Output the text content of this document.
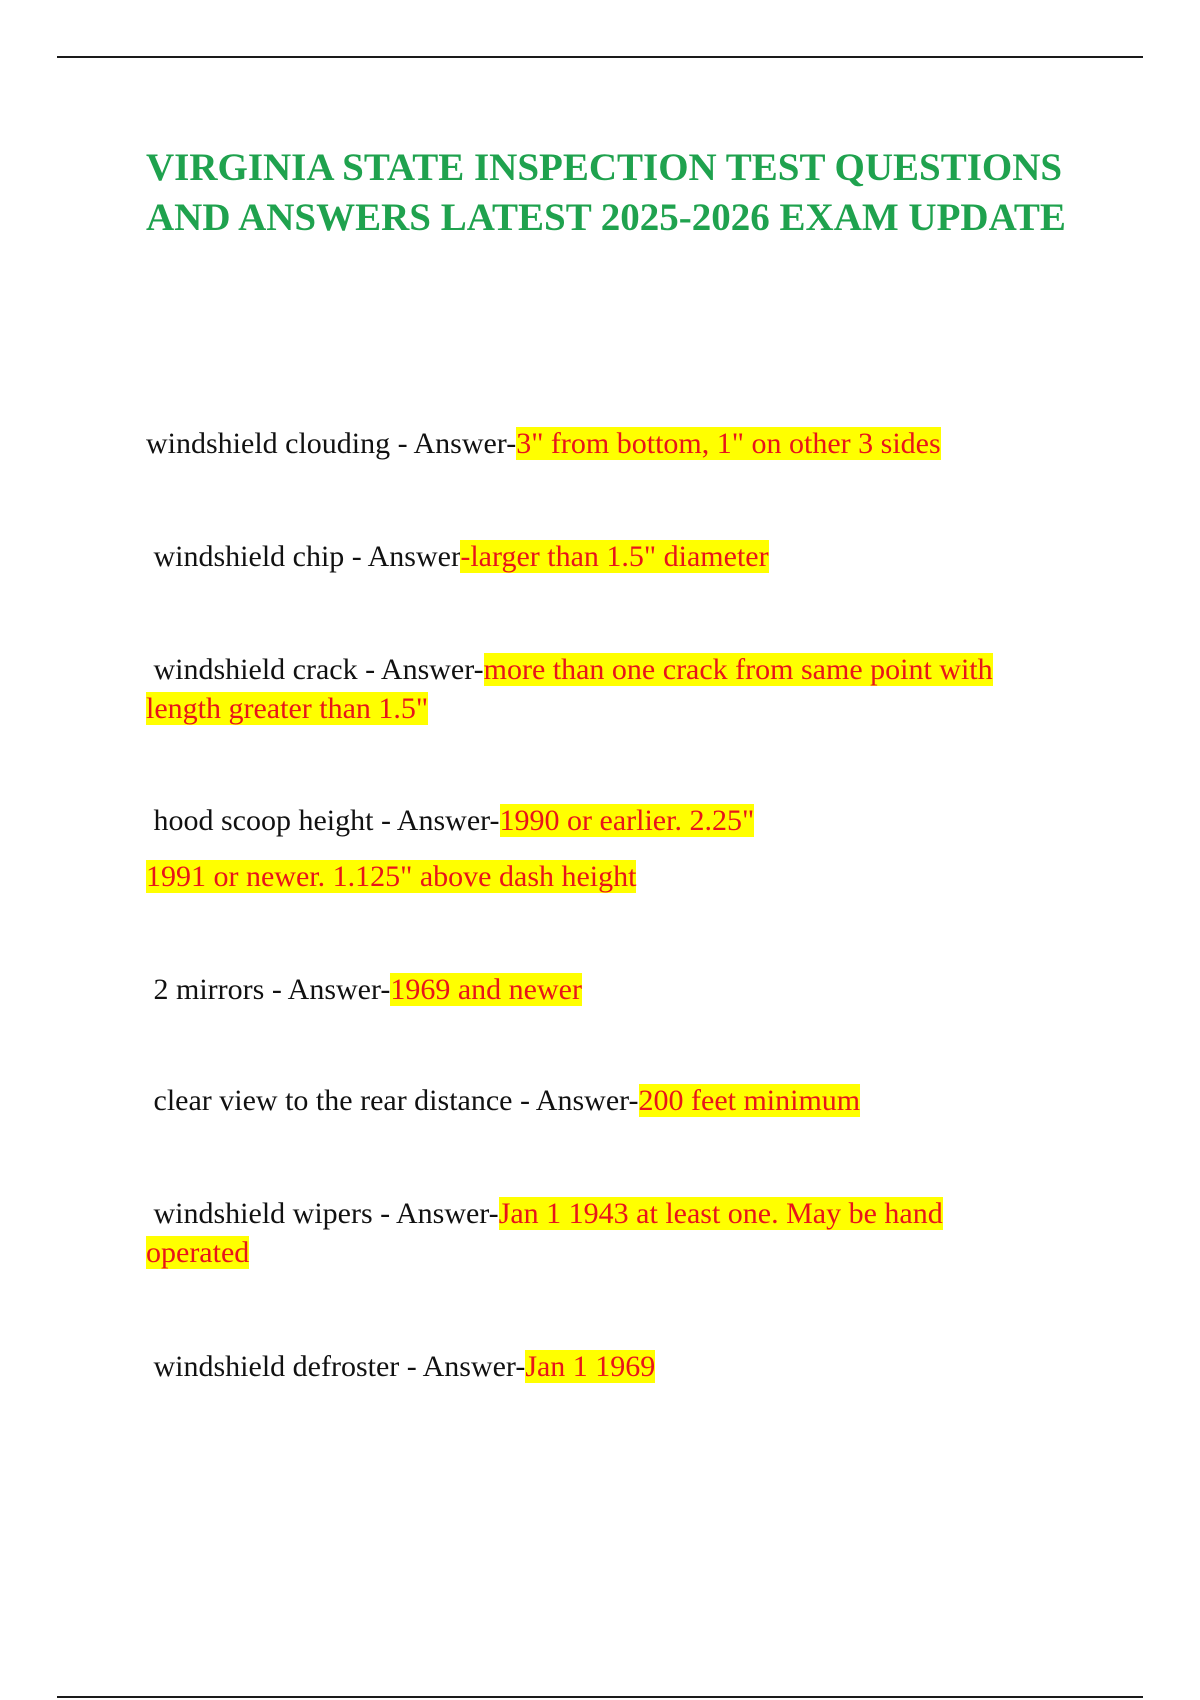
VIRGINIA STATE INSPECTION TEST QUESTIONS AND ANSWERS LATEST 2025-2026 EXAM UPDATE

windshield clouding - Answer-3" from bottom, 1" on other 3 sides

windshield chip - Answer-larger than 1.5" diameter

windshield crack - Answer-more than one crack from same point with length greater than 1.5"

hood scoop height - Answer-1990 or earlier. 2.25"

1991 or newer. 1.125" above dash height

2 mirrors - Answer-1969 and newer

clear view to the rear distance - Answer-200 feet minimum

windshield wipers - Answer-Jan 1 1943 at least one. May be hand operated

windshield defroster - Answer-Jan 1 1969
